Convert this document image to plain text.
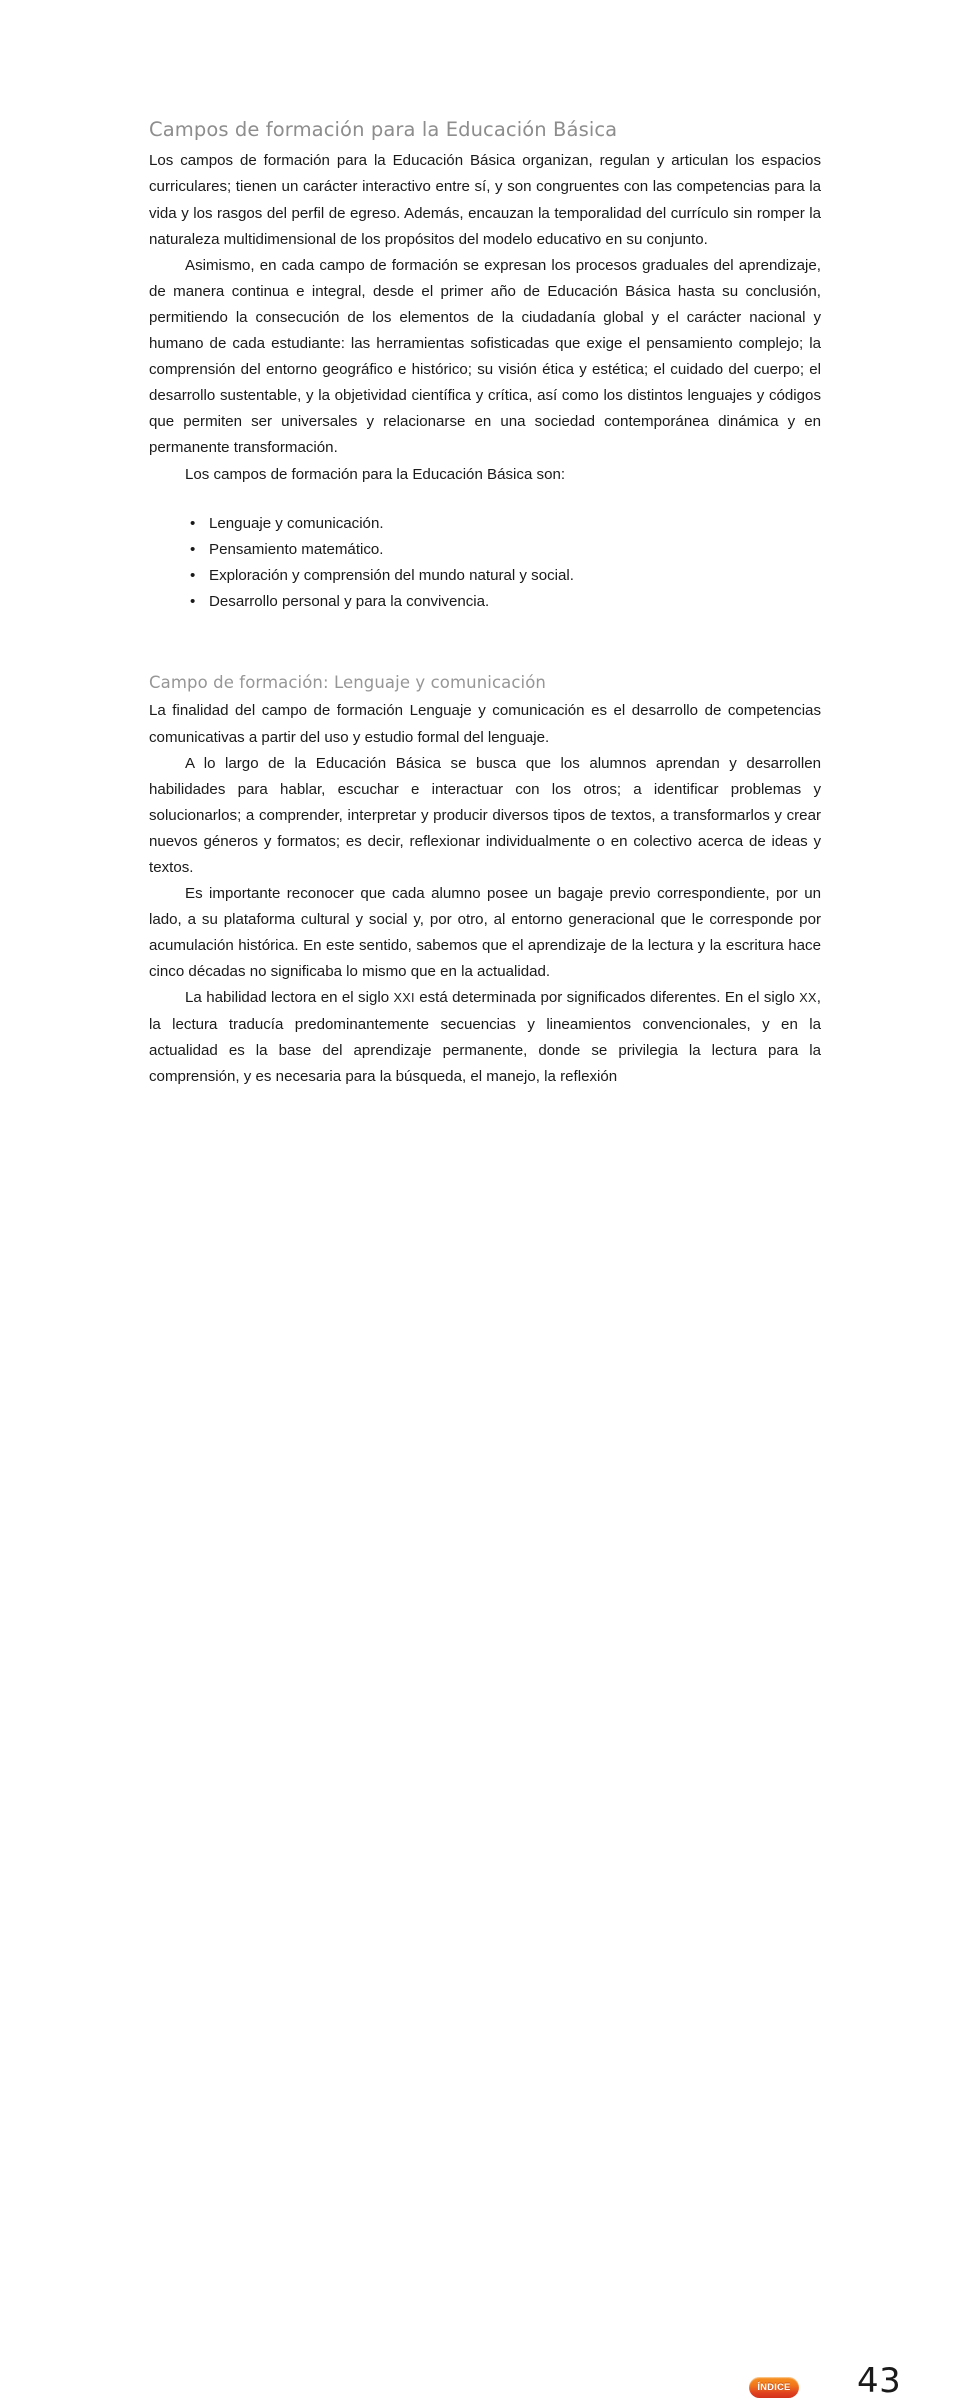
Campos de formación para la Educación Básica

Los campos de formación para la Educación Básica organizan, regulan y articulan los espacios curriculares; tienen un carácter interactivo entre sí, y son congruentes con las competencias para la vida y los rasgos del perfil de egreso. Además, encauzan la temporalidad del currículo sin romper la naturaleza multidimensional de los propósitos del modelo educativo en su conjunto.

Asimismo, en cada campo de formación se expresan los procesos graduales del aprendizaje, de manera continua e integral, desde el primer año de Educación Básica hasta su conclusión, permitiendo la consecución de los elementos de la ciudadanía global y el carácter nacional y humano de cada estudiante: las herramientas sofisticadas que exige el pensamiento complejo; la comprensión del entorno geográfico e histórico; su visión ética y estética; el cuidado del cuerpo; el desarrollo sustentable, y la objetividad científica y crítica, así como los distintos lenguajes y códigos que permiten ser universales y relacionarse en una sociedad contemporánea dinámica y en permanente transformación.

Los campos de formación para la Educación Básica son:

• Lenguaje y comunicación.
• Pensamiento matemático.
• Exploración y comprensión del mundo natural y social.
• Desarrollo personal y para la convivencia.
Campo de formación: Lenguaje y comunicación

La finalidad del campo de formación Lenguaje y comunicación es el desarrollo de competencias comunicativas a partir del uso y estudio formal del lenguaje.

A lo largo de la Educación Básica se busca que los alumnos aprendan y desarrollen habilidades para hablar, escuchar e interactuar con los otros; a identificar problemas y solucionarlos; a comprender, interpretar y producir diversos tipos de textos, a transformarlos y crear nuevos géneros y formatos; es decir, reflexionar individualmente o en colectivo acerca de ideas y textos.

Es importante reconocer que cada alumno posee un bagaje previo correspondiente, por un lado, a su plataforma cultural y social y, por otro, al entorno generacional que le corresponde por acumulación histórica. En este sentido, sabemos que el aprendizaje de la lectura y la escritura hace cinco décadas no significaba lo mismo que en la actualidad.

La habilidad lectora en el siglo XXI está determinada por significados diferentes. En el siglo XX, la lectura traducía predominantemente secuencias y lineamientos convencionales, y en la actualidad es la base del aprendizaje permanente, donde se privilegia la lectura para la comprensión, y es necesaria para la búsqueda, el manejo, la reflexión

ÍNDICE 43
